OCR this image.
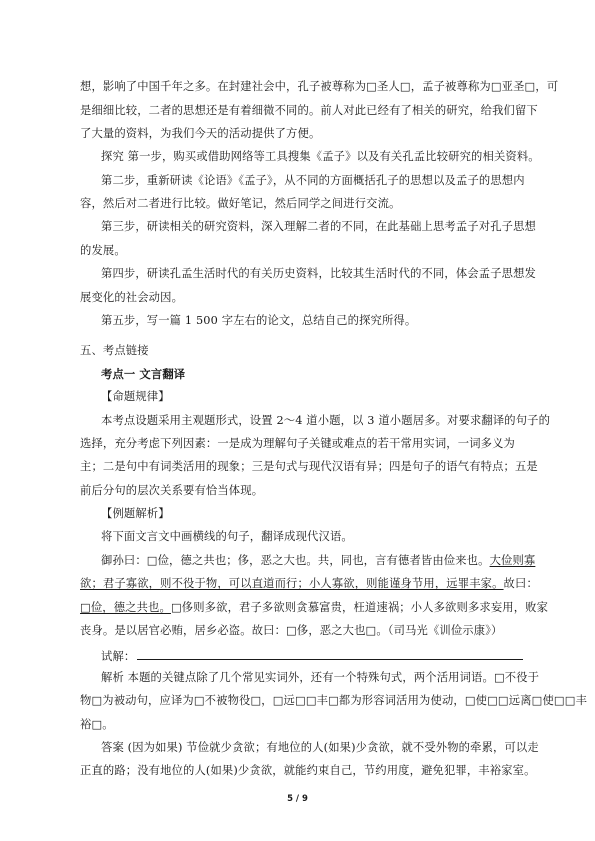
想，影响了中国千年之多。在封建社会中，孔子被尊称为□圣人□，孟子被尊称为□亚圣□，可
是细细比较，二者的思想还是有着细微不同的。前人对此已经有了相关的研究，给我们留下
了大量的资料，为我们今天的活动提供了方便。
探究 第一步，购买或借助网络等工具搜集《孟子》以及有关孔孟比较研究的相关资料。
第二步，重新研读《论语》《孟子》，从不同的方面概括孔子的思想以及孟子的思想内
容，然后对二者进行比较。做好笔记，然后同学之间进行交流。
第三步，研读相关的研究资料，深入理解二者的不同，在此基础上思考孟子对孔子思想
的发展。
第四步，研读孔孟生活时代的有关历史资料，比较其生活时代的不同，体会孟子思想发
展变化的社会动因。
第五步，写一篇 1 500 字左右的论文，总结自己的探究所得。
五、考点链接
考点一 文言翻译
【命题规律】
本考点设题采用主观题形式，设置 2～4 道小题，以 3 道小题居多。对要求翻译的句子的
选择，充分考虑下列因素：一是成为理解句子关键或难点的若干常用实词，一词多义为
主；二是句中有词类活用的现象；三是句式与现代汉语有异；四是句子的语气有特点；五是
前后分句的层次关系要有恰当体现。
【例题解析】
将下面文言文中画横线的句子，翻译成现代汉语。
御孙曰：□俭，德之共也；侈，恶之大也。共，同也，言有德者皆由俭来也。大俭则寡
欲；君子寡欲，则不役于物，可以直道而行；小人寡欲，则能谨身节用，远罪丰家。故曰：
□俭，德之共也。□侈则多欲，君子多欲则贪慕富贵，枉道速祸；小人多欲则多求妄用，败家
丧身。是以居官必贿，居乡必盗。故曰：□侈，恶之大也□。（司马光《训俭示康》）
试解：
解析 本题的关键点除了几个常见实词外，还有一个特殊句式，两个活用词语。□不役于
物□为被动句，应译为□不被物役□，□远□□丰□都为形容词活用为使动，□使□□远离□使□□丰
裕□。
答案 (因为如果) 节俭就少贪欲；有地位的人(如果)少贪欲，就不受外物的牵累，可以走
正直的路；没有地位的人(如果)少贪欲，就能约束自己，节约用度，避免犯罪，丰裕家室。
5 / 9
